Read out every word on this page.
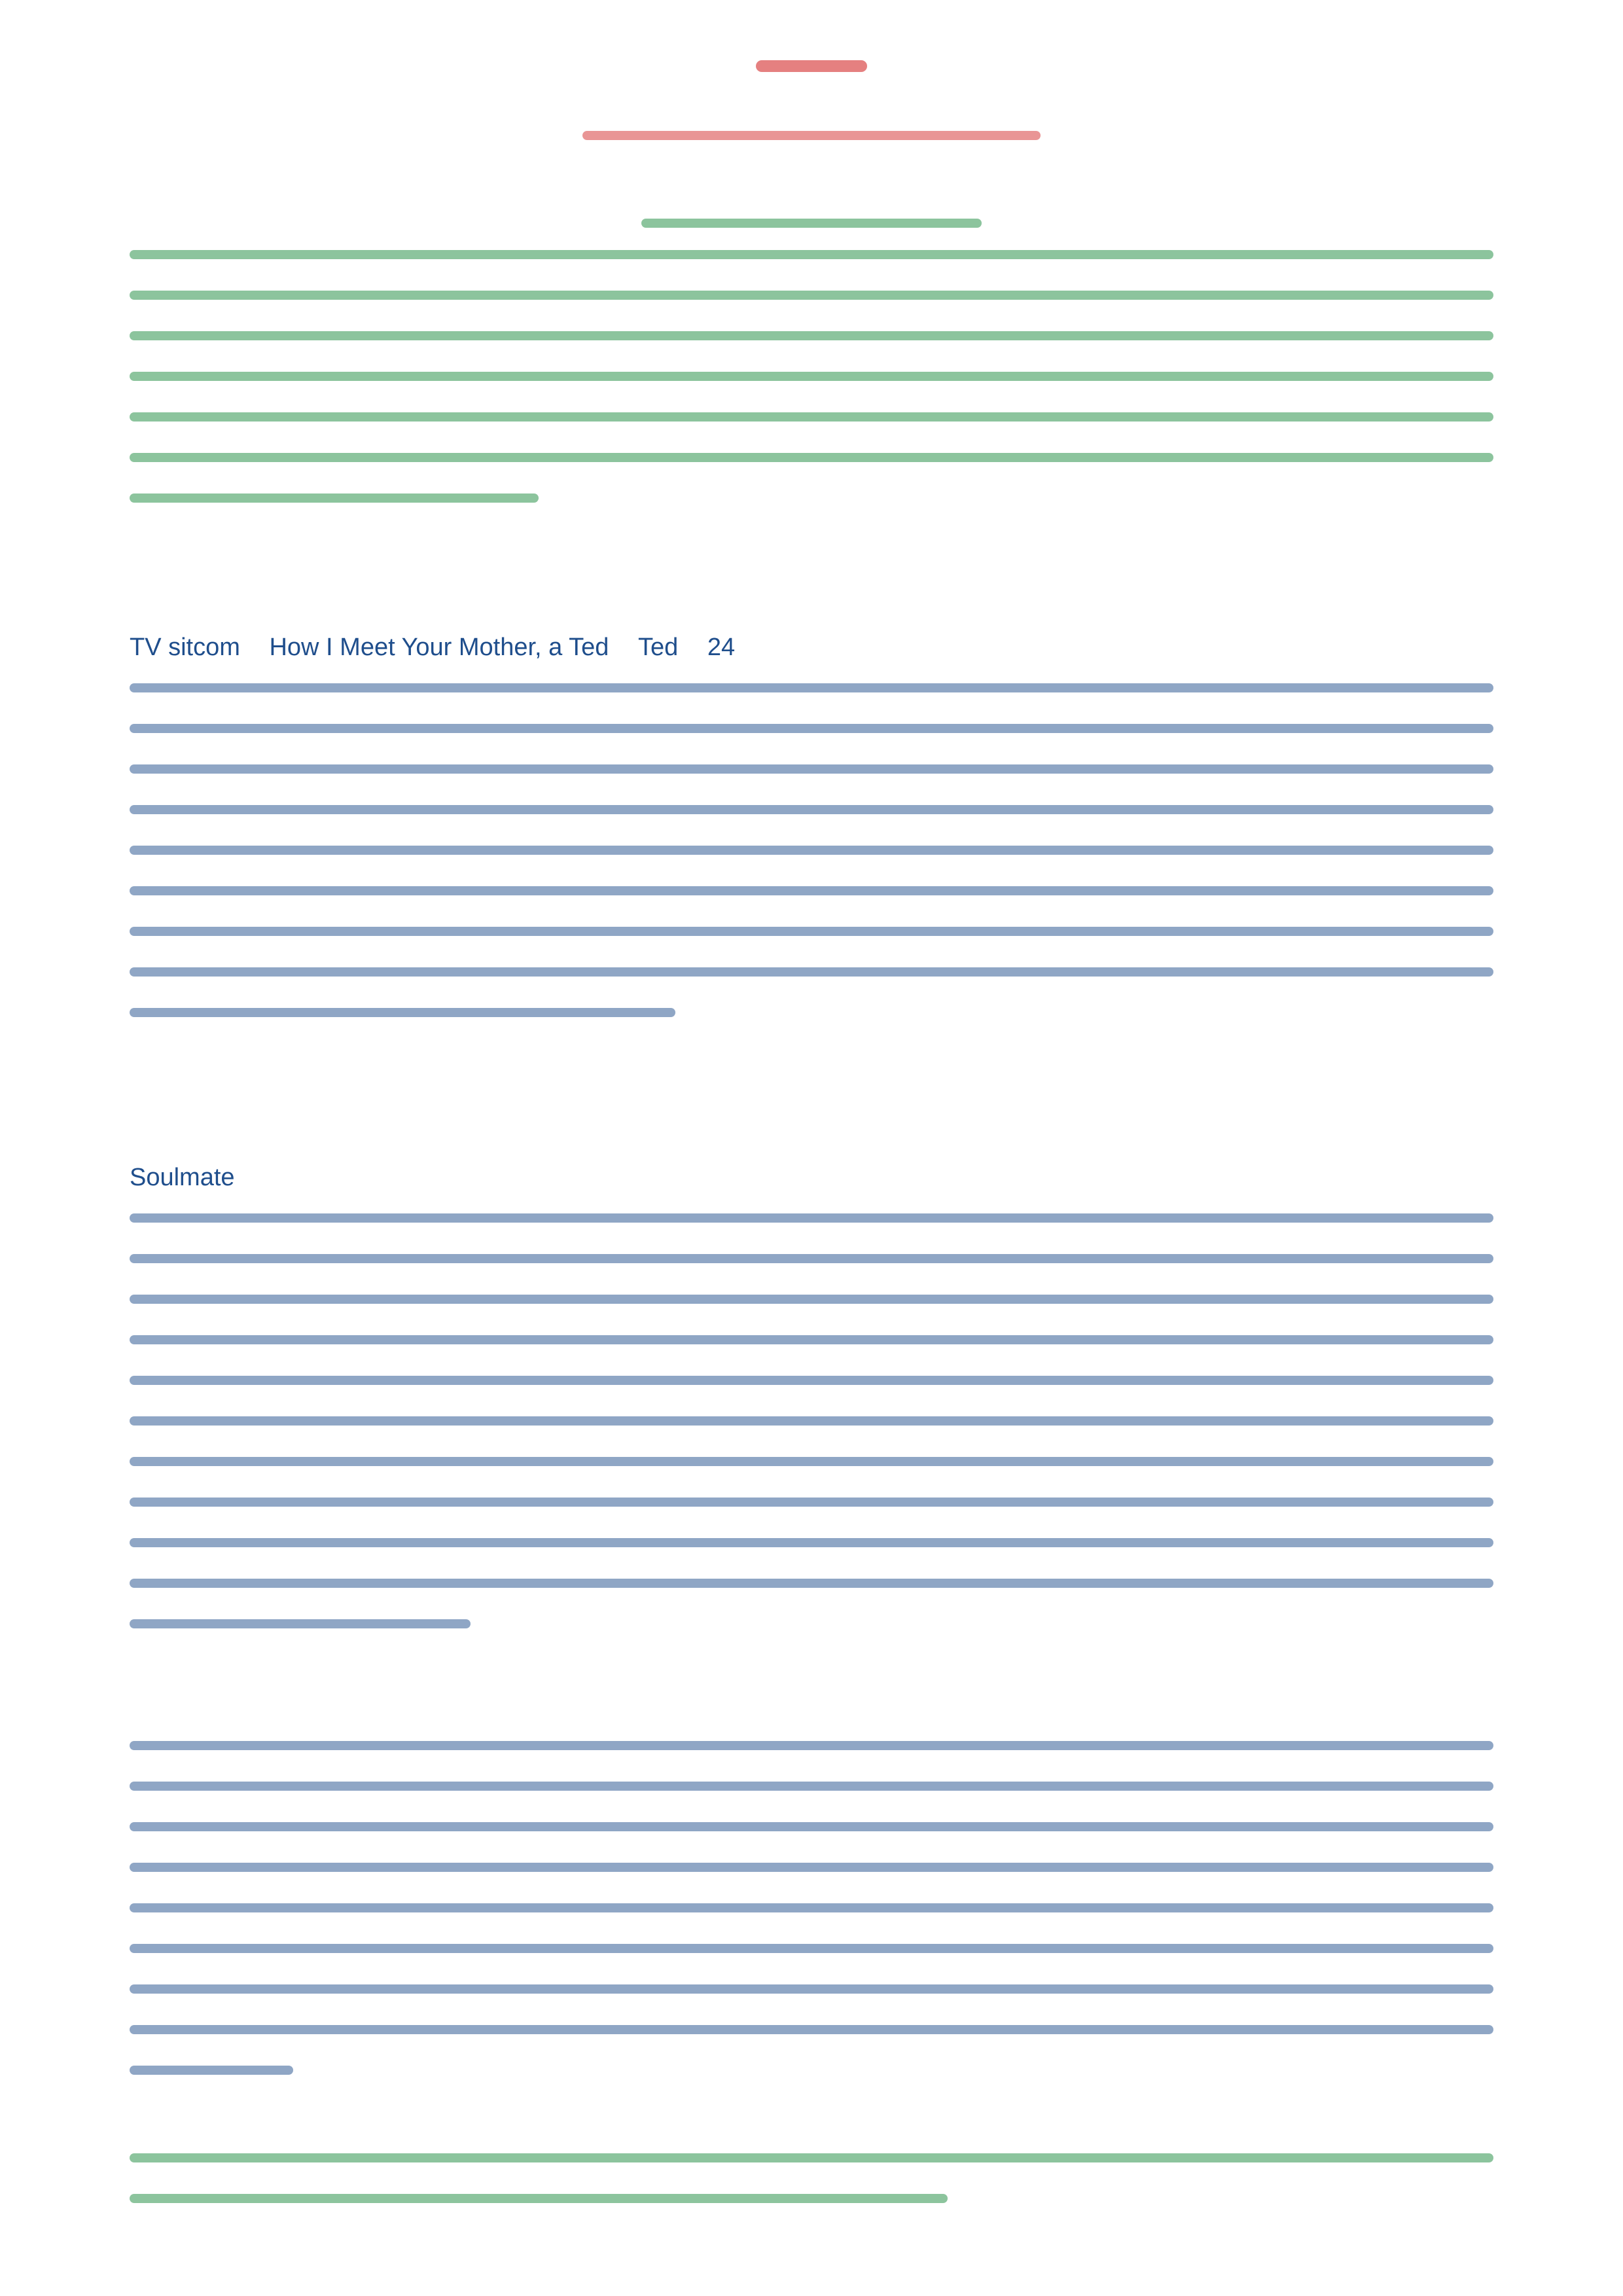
TV sitcom How I Meet Your Mother, a Ted Ted 24
Soulmate
